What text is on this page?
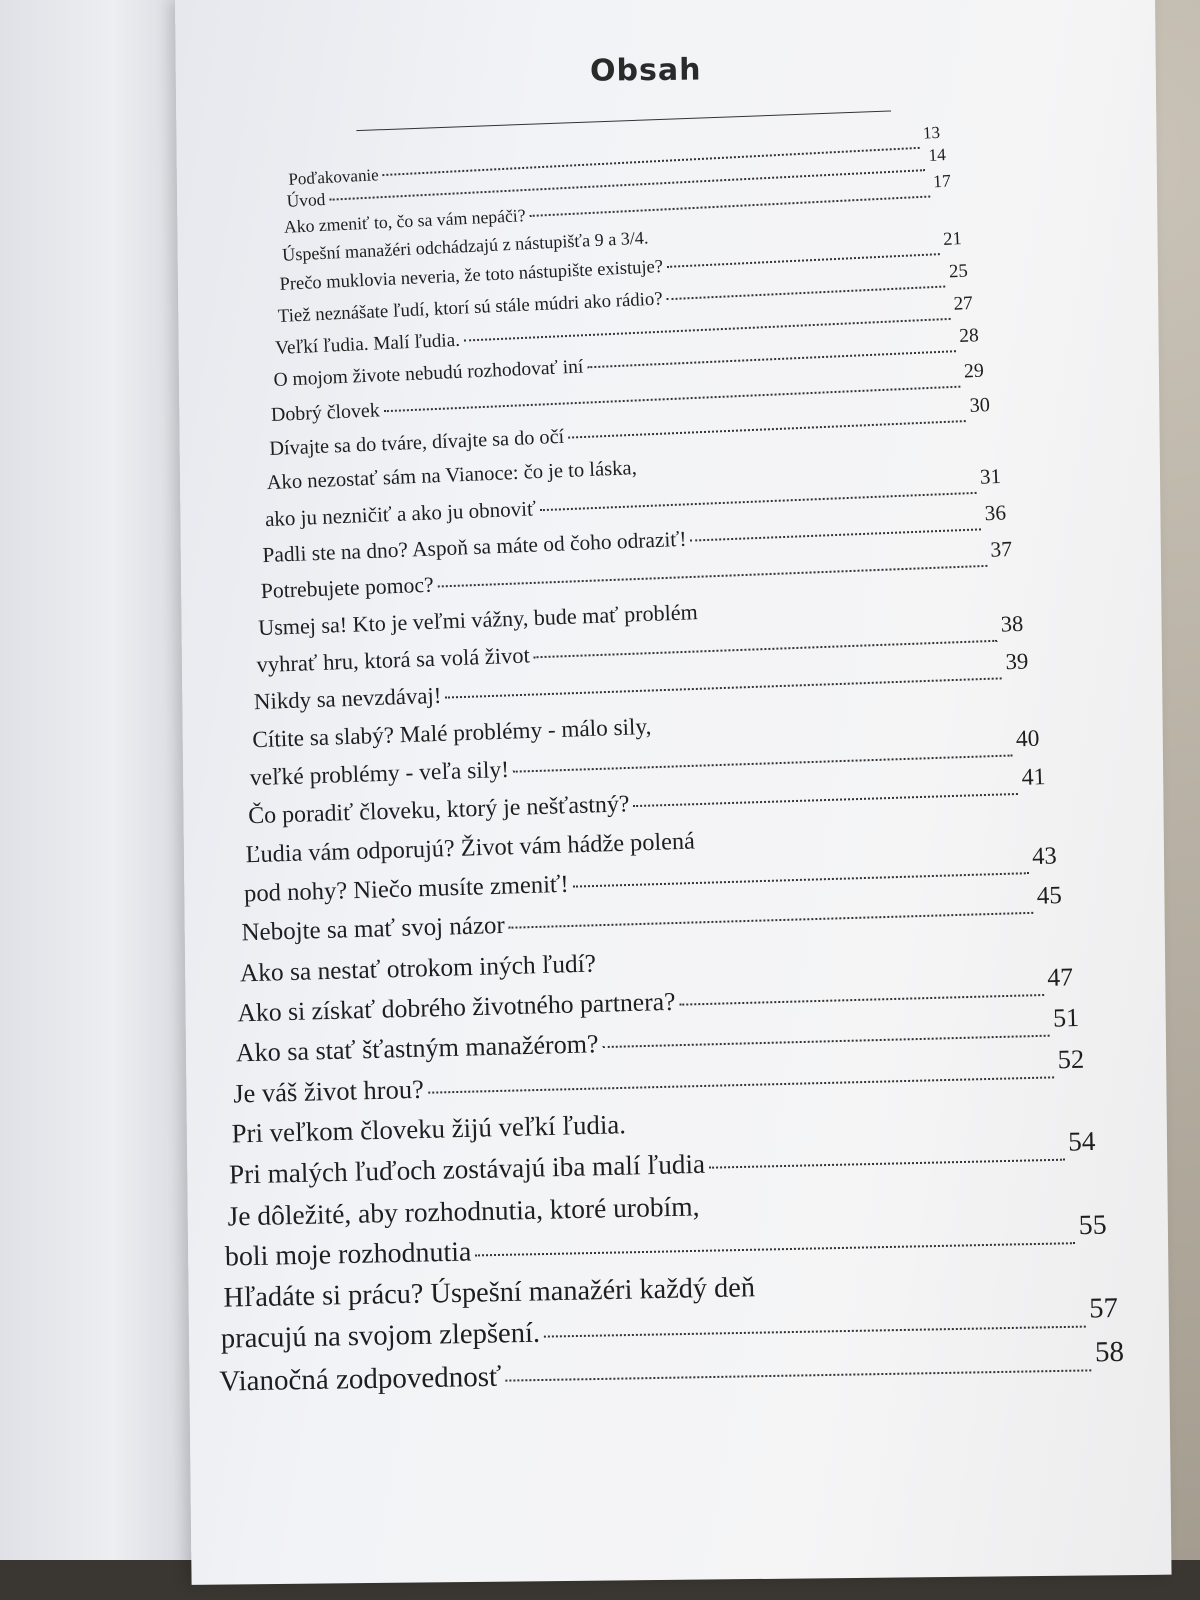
Obsah
Poďakovanie
13
Úvod
14
Ako zmeniť to, čo sa vám nepáči?
17
Úspešní manažéri odchádzajú z nástupišťa 9 a 3/4.
Prečo muklovia neveria, že toto nástupište existuje?
21
Tiež neznášate ľudí, ktorí sú stále múdri ako rádio?
25
Veľkí ľudia. Malí ľudia.
27
O mojom živote nebudú rozhodovať iní
28
Dobrý človek
29
Dívajte sa do tváre, dívajte sa do očí
30
Ako nezostať sám na Vianoce: čo je to láska,
ako ju nezničiť a ako ju obnoviť
31
Padli ste na dno? Aspoň sa máte od čoho odraziť!
36
Potrebujete pomoc?
37
Usmej sa! Kto je veľmi vážny, bude mať problém
vyhrať hru, ktorá sa volá život
38
Nikdy sa nevzdávaj!
39
Cítite sa slabý? Malé problémy - málo sily,
veľké problémy - veľa sily!
40
Čo poradiť človeku, ktorý je nešťastný?
41
Ľudia vám odporujú? Život vám hádže polená
pod nohy? Niečo musíte zmeniť!
43
Nebojte sa mať svoj názor
45
Ako sa nestať otrokom iných ľudí?
Ako si získať dobrého životného partnera?
47
Ako sa stať šťastným manažérom?
51
Je váš život hrou?
52
Pri veľkom človeku žijú veľkí ľudia.
Pri malých ľuďoch zostávajú iba malí ľudia
54
Je dôležité, aby rozhodnutia, ktoré urobím,
boli moje rozhodnutia
55
Hľadáte si prácu? Úspešní manažéri každý deň
pracujú na svojom zlepšení.
57
Vianočná zodpovednosť
58
